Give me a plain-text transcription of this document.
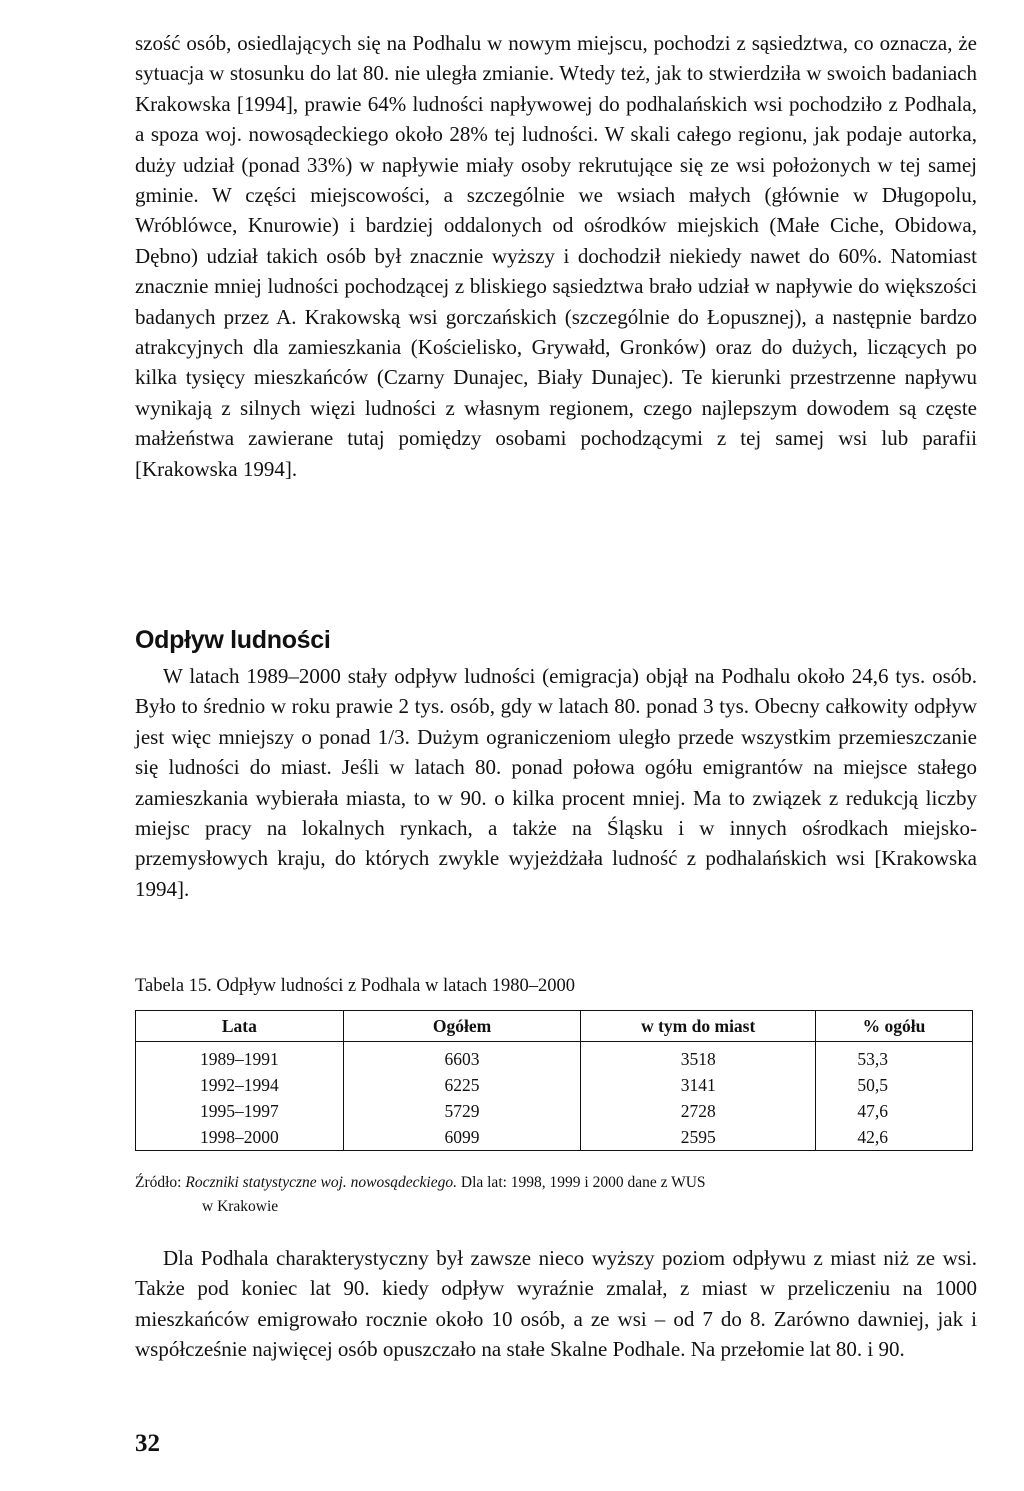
szość osób, osiedlających się na Podhalu w nowym miejscu, pochodzi z sąsiedztwa, co oznacza, że sytuacja w stosunku do lat 80. nie uległa zmianie. Wtedy też, jak to stwierdziła w swoich badaniach Krakowska [1994], prawie 64% ludności napływowej do podhalańskich wsi pochodziło z Podhala, a spoza woj. nowosądeckiego około 28% tej ludności. W skali całego regionu, jak podaje autorka, duży udział (ponad 33%) w napływie miały osoby rekrutujące się ze wsi położonych w tej samej gminie. W części miejscowości, a szczególnie we wsiach małych (głównie w Długopolu, Wróblówce, Knurowie) i bardziej oddalonych od ośrodków miejskich (Małe Ciche, Obidowa, Dębno) udział takich osób był znacznie wyższy i dochodził niekiedy nawet do 60%. Natomiast znacznie mniej ludności pochodzącej z bliskiego sąsiedztwa brało udział w napływie do większości badanych przez A. Krakowską wsi gorczańskich (szczególnie do Łopusznej), a następnie bardzo atrakcyjnych dla zamieszkania (Kościelisko, Grywałd, Gronków) oraz do dużych, liczących po kilka tysięcy mieszkańców (Czarny Dunajec, Biały Dunajec). Te kierunki przestrzenne napływu wynikają z silnych więzi ludności z własnym regionem, czego najlepszym dowodem są częste małżeństwa zawierane tutaj pomiędzy osobami pochodzącymi z tej samej wsi lub parafii [Krakowska 1994].

Odpływ ludności

W latach 1989–2000 stały odpływ ludności (emigracja) objął na Podhalu około 24,6 tys. osób. Było to średnio w roku prawie 2 tys. osób, gdy w latach 80. ponad 3 tys. Obecny całkowity odpływ jest więc mniejszy o ponad 1/3. Dużym ograniczeniom uległo przede wszystkim przemieszczanie się ludności do miast. Jeśli w latach 80. ponad połowa ogółu emigrantów na miejsce stałego zamieszkania wybierała miasta, to w 90. o kilka procent mniej. Ma to związek z redukcją liczby miejsc pracy na lokalnych rynkach, a także na Śląsku i w innych ośrodkach miejsko-przemysłowych kraju, do których zwykle wyjeżdżała ludność z podhalańskich wsi [Krakowska 1994].

Tabela 15. Odpływ ludności z Podhala w latach 1980–2000

Lata	Ogółem	w tym do miast	% ogółu
1989–1991	6603	3518	53,3
1992–1994	6225	3141	50,5
1995–1997	5729	2728	47,6
1998–2000	6099	2595	42,6

Źródło: Roczniki statystyczne woj. nowosądeckiego. Dla lat: 1998, 1999 i 2000 dane z WUS
w Krakowie

Dla Podhala charakterystyczny był zawsze nieco wyższy poziom odpływu z miast niż ze wsi. Także pod koniec lat 90. kiedy odpływ wyraźnie zmalał, z miast w przeliczeniu na 1000 mieszkańców emigrowało rocznie około 10 osób, a ze wsi – od 7 do 8. Zarówno dawniej, jak i współcześnie najwięcej osób opuszczało na stałe Skalne Podhale. Na przełomie lat 80. i 90.

32
